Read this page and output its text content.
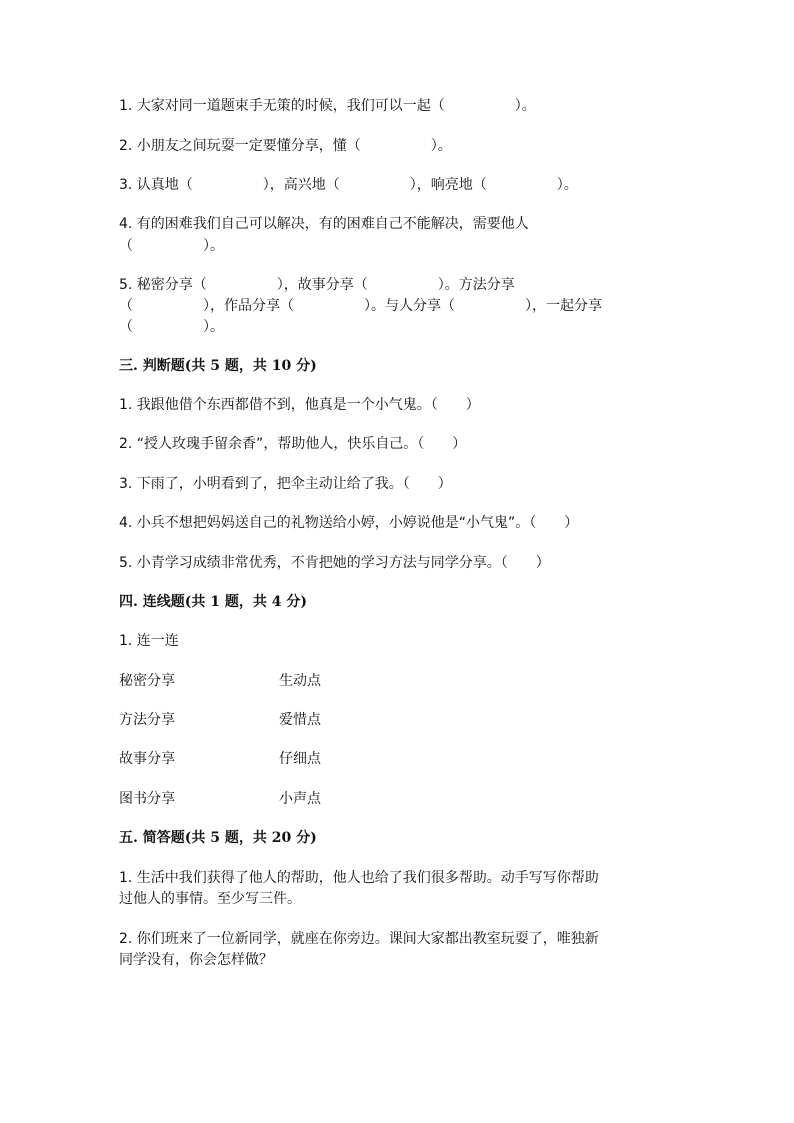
1. 大家对同一道题束手无策的时候，我们可以一起（　　　　　）。
2. 小朋友之间玩耍一定要懂分享，懂（　　　　　）。
3. 认真地（　　　　　），高兴地（　　　　　），响亮地（　　　　　）。
4. 有的困难我们自己可以解决，有的困难自己不能解决，需要他人
（　　　　　）。
5. 秘密分享（　　　　　），故事分享（　　　　　）。方法分享
（　　　　　），作品分享（　　　　　）。与人分享（　　　　　），一起分享
（　　　　　）。
三. 判断题(共 5 题，共 10 分)
1. 我跟他借个东西都借不到，他真是一个小气鬼。（　　）
2. “授人玫瑰手留余香”，帮助他人，快乐自己。（　　）
3. 下雨了，小明看到了，把伞主动让给了我。（　　）
4. 小兵不想把妈妈送自己的礼物送给小婷，小婷说他是“小气鬼”。（　　）
5. 小青学习成绩非常优秀，不肯把她的学习方法与同学分享。（　　）
四. 连线题(共 1 题，共 4 分)
1. 连一连
秘密分享	生动点
方法分享	爱惜点
故事分享	仔细点
图书分享	小声点
五. 简答题(共 5 题，共 20 分)
1. 生活中我们获得了他人的帮助，他人也给了我们很多帮助。动手写写你帮助
过他人的事情。至少写三件。
2. 你们班来了一位新同学，就座在你旁边。课间大家都出教室玩耍了，唯独新
同学没有，你会怎样做？
